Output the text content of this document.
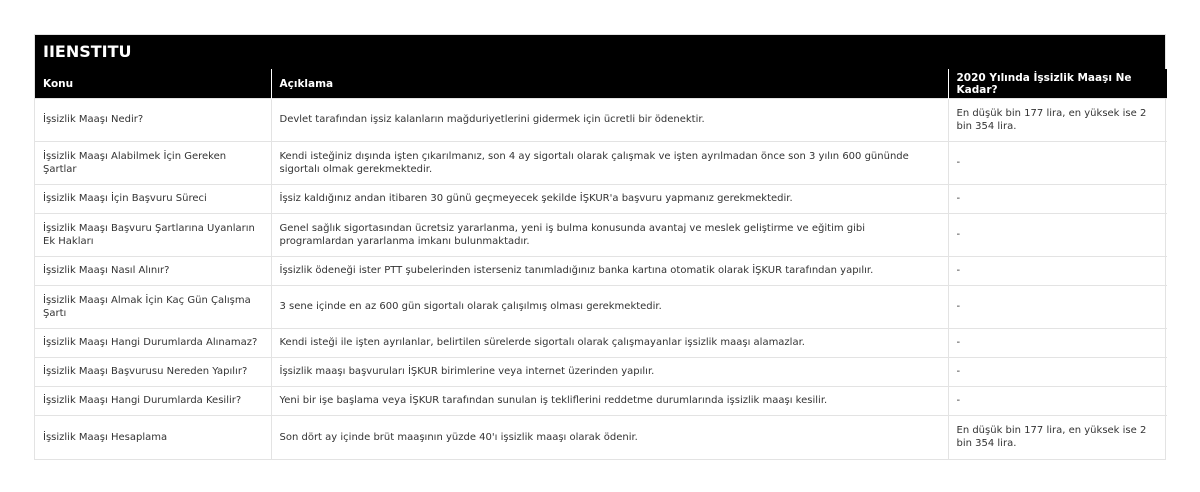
IIENSTITU
Konu	Açıklama	2020 Yılında İşsizlik Maaşı Ne Kadar?
İşsizlik Maaşı Nedir?	Devlet tarafından işsiz kalanların mağduriyetlerini gidermek için ücretli bir ödenektir.	En düşük bin 177 lira, en yüksek ise 2 bin 354 lira.
İşsizlik Maaşı Alabilmek İçin Gereken Şartlar	Kendi isteğiniz dışında işten çıkarılmanız, son 4 ay sigortalı olarak çalışmak ve işten ayrılmadan önce son 3 yılın 600 gününde sigortalı olmak gerekmektedir.	-
İşsizlik Maaşı İçin Başvuru Süreci	İşsiz kaldığınız andan itibaren 30 günü geçmeyecek şekilde İŞKUR'a başvuru yapmanız gerekmektedir.	-
İşsizlik Maaşı Başvuru Şartlarına Uyanların Ek Hakları	Genel sağlık sigortasından ücretsiz yararlanma, yeni iş bulma konusunda avantaj ve meslek geliştirme ve eğitim gibi programlardan yararlanma imkanı bulunmaktadır.	-
İşsizlik Maaşı Nasıl Alınır?	İşsizlik ödeneği ister PTT şubelerinden isterseniz tanımladığınız banka kartına otomatik olarak İŞKUR tarafından yapılır.	-
İşsizlik Maaşı Almak İçin Kaç Gün Çalışma Şartı	3 sene içinde en az 600 gün sigortalı olarak çalışılmış olması gerekmektedir.	-
İşsizlik Maaşı Hangi Durumlarda Alınamaz?	Kendi isteği ile işten ayrılanlar, belirtilen sürelerde sigortalı olarak çalışmayanlar işsizlik maaşı alamazlar.	-
İşsizlik Maaşı Başvurusu Nereden Yapılır?	İşsizlik maaşı başvuruları İŞKUR birimlerine veya internet üzerinden yapılır.	-
İşsizlik Maaşı Hangi Durumlarda Kesilir?	Yeni bir işe başlama veya İŞKUR tarafından sunulan iş tekliflerini reddetme durumlarında işsizlik maaşı kesilir.	-
İşsizlik Maaşı Hesaplama	Son dört ay içinde brüt maaşının yüzde 40'ı işsizlik maaşı olarak ödenir.	En düşük bin 177 lira, en yüksek ise 2 bin 354 lira.
